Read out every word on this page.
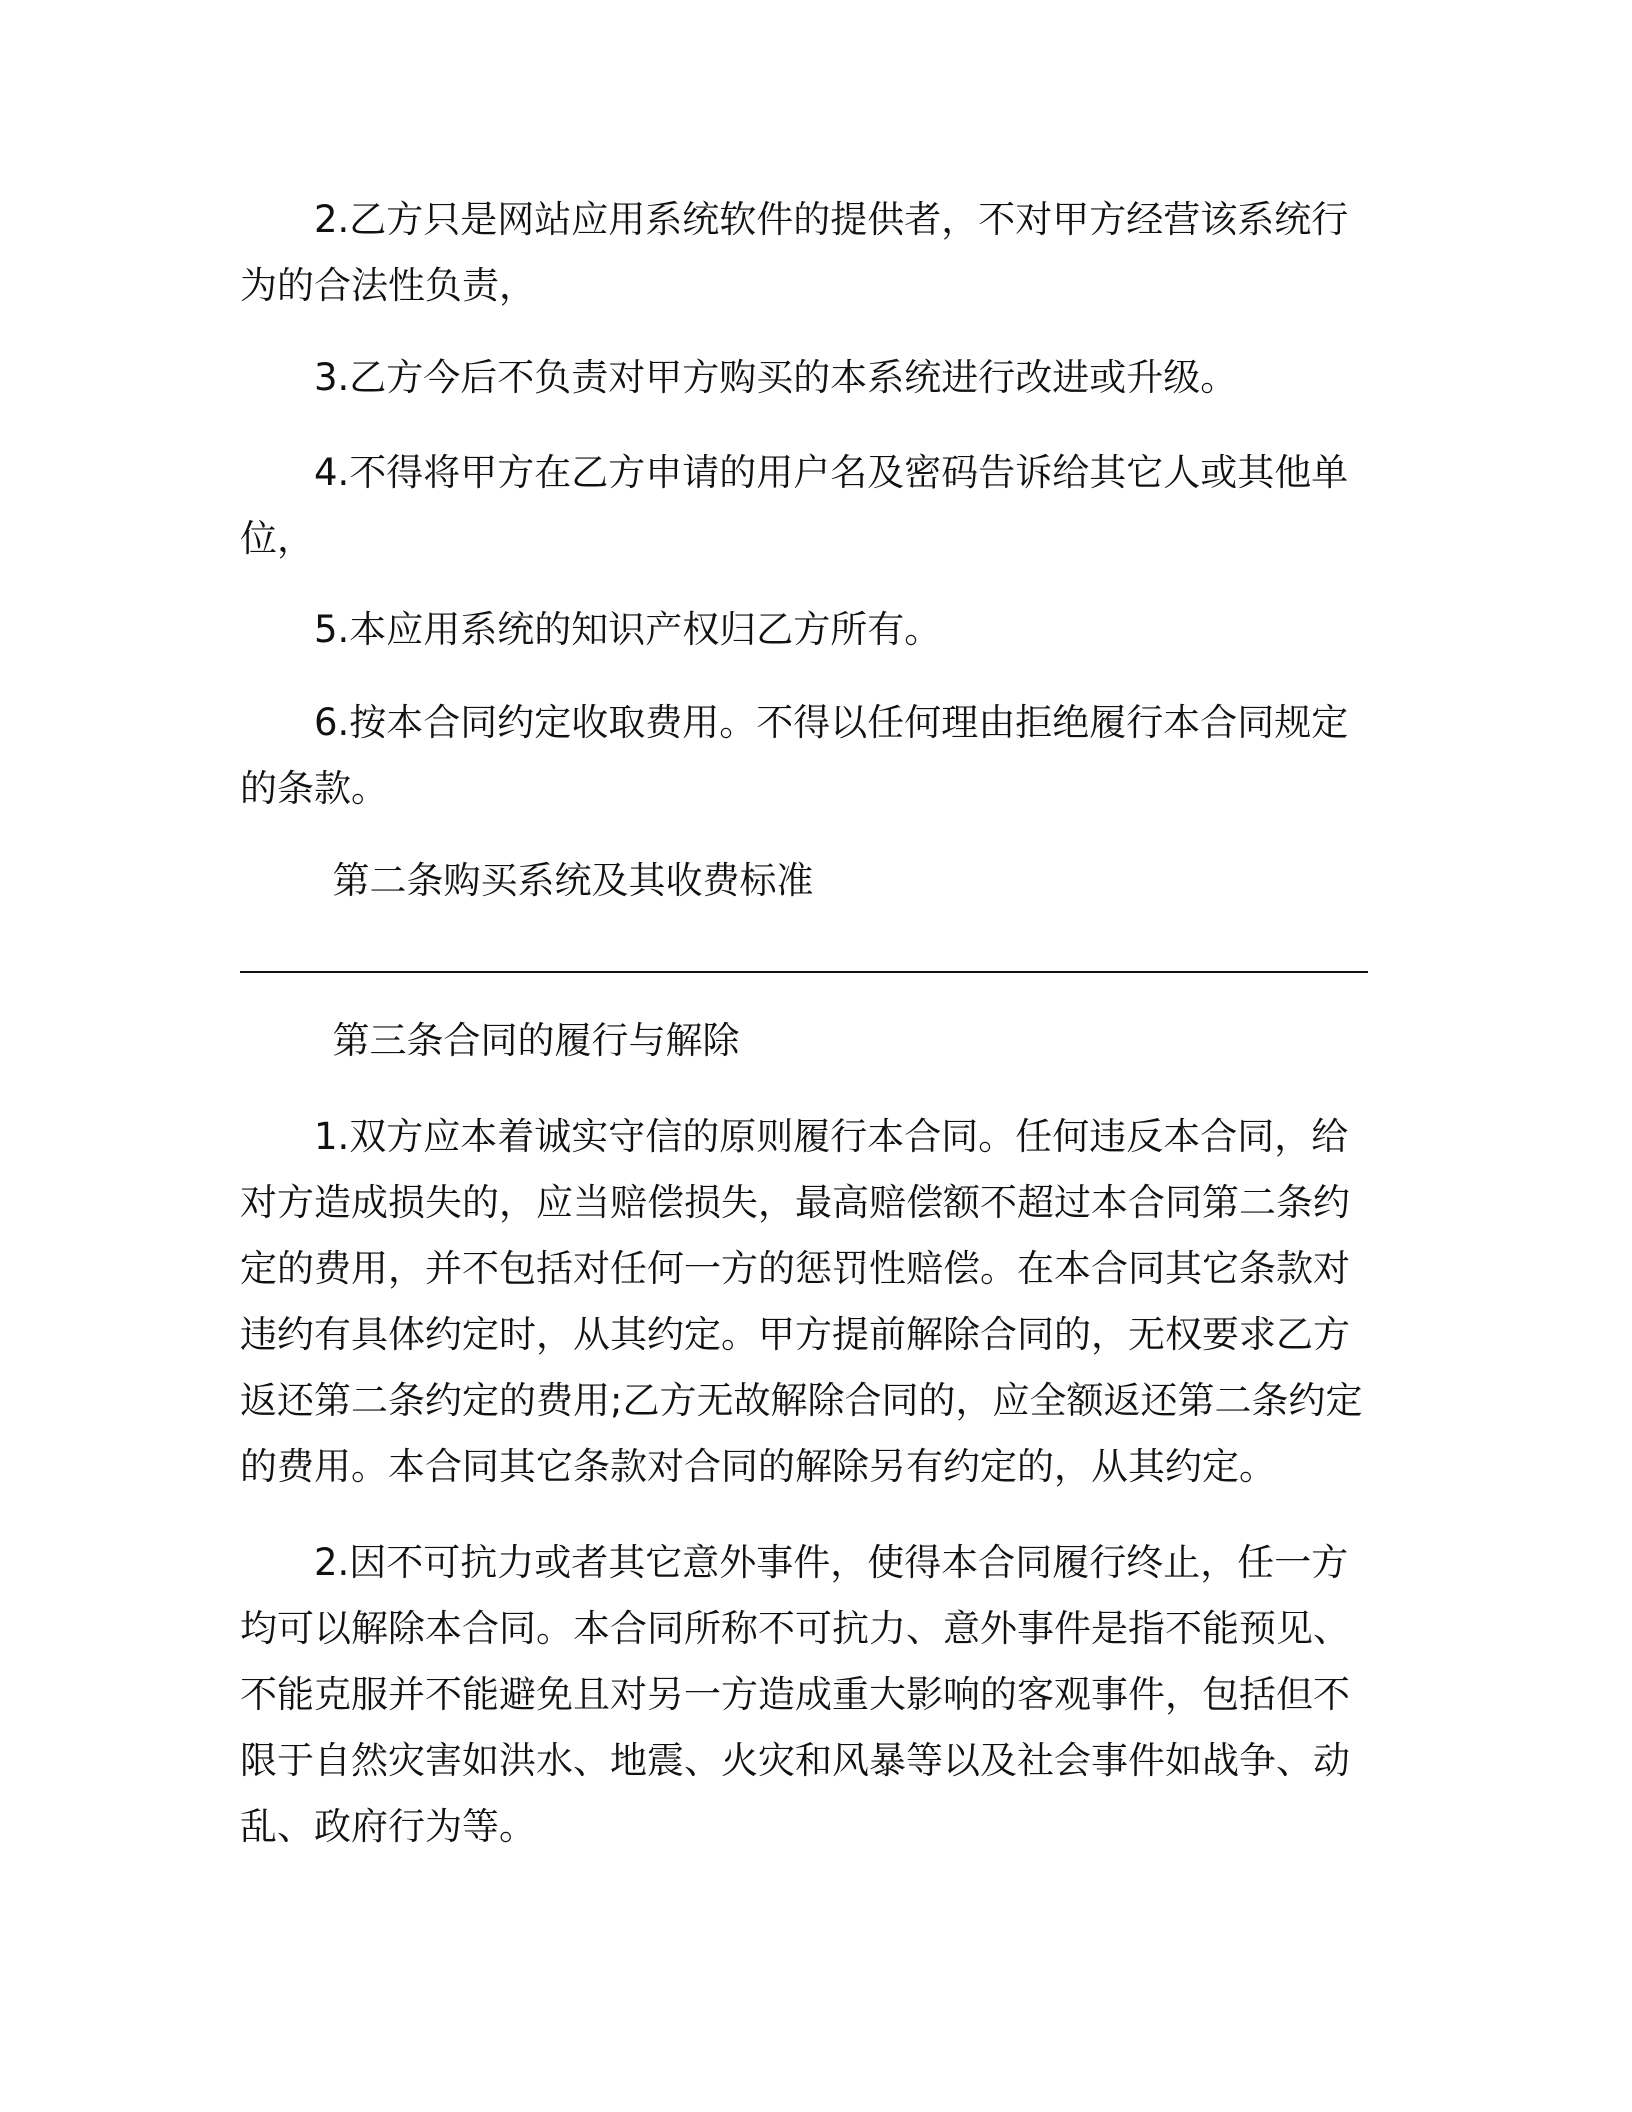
2.乙方只是网站应用系统软件的提供者，不对甲方经营该系统行为的合法性负责，

3.乙方今后不负责对甲方购买的本系统进行改进或升级。

4.不得将甲方在乙方申请的用户名及密码告诉给其它人或其他单位，

5.本应用系统的知识产权归乙方所有。

6.按本合同约定收取费用。不得以任何理由拒绝履行本合同规定的条款。

第二条购买系统及其收费标准

第三条合同的履行与解除

1.双方应本着诚实守信的原则履行本合同。任何违反本合同，给对方造成损失的，应当赔偿损失，最高赔偿额不超过本合同第二条约定的费用，并不包括对任何一方的惩罚性赔偿。在本合同其它条款对违约有具体约定时，从其约定。甲方提前解除合同的，无权要求乙方返还第二条约定的费用;乙方无故解除合同的，应全额返还第二条约定的费用。本合同其它条款对合同的解除另有约定的，从其约定。

2.因不可抗力或者其它意外事件，使得本合同履行终止，任一方均可以解除本合同。本合同所称不可抗力、意外事件是指不能预见、不能克服并不能避免且对另一方造成重大影响的客观事件，包括但不限于自然灾害如洪水、地震、火灾和风暴等以及社会事件如战争、动乱、政府行为等。
